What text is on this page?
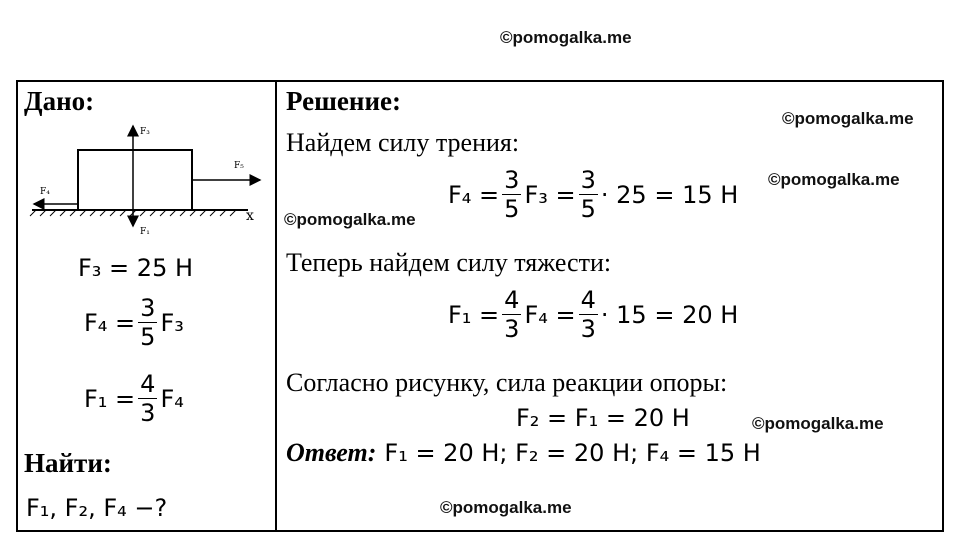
©pomogalka.me
©pomogalka.me
©pomogalka.me
©pomogalka.me
©pomogalka.me
©pomogalka.me
Дано:
F₃
F₅
F₄
F₁
x
F₃ = 25 Н
$F_4 = \frac{3}{5} F_3$
$F_1 = \frac{4}{3} F_4$
Найти:
F₁, F₂, F₄ −?
Решение:
Найдем силу трения:
$F_4 = \frac{3}{5} F_3 = \frac{3}{5} \cdot 25 = 15$ Н
Теперь найдем силу тяжести:
$F_1 = \frac{4}{3} F_4 = \frac{4}{3} \cdot 15 = 20$ Н
Согласно рисунку, сила реакции опоры:
F₂ = F₁ = 20 Н
Ответ: F₁ = 20 Н; F₂ = 20 Н; F₄ = 15 Н
